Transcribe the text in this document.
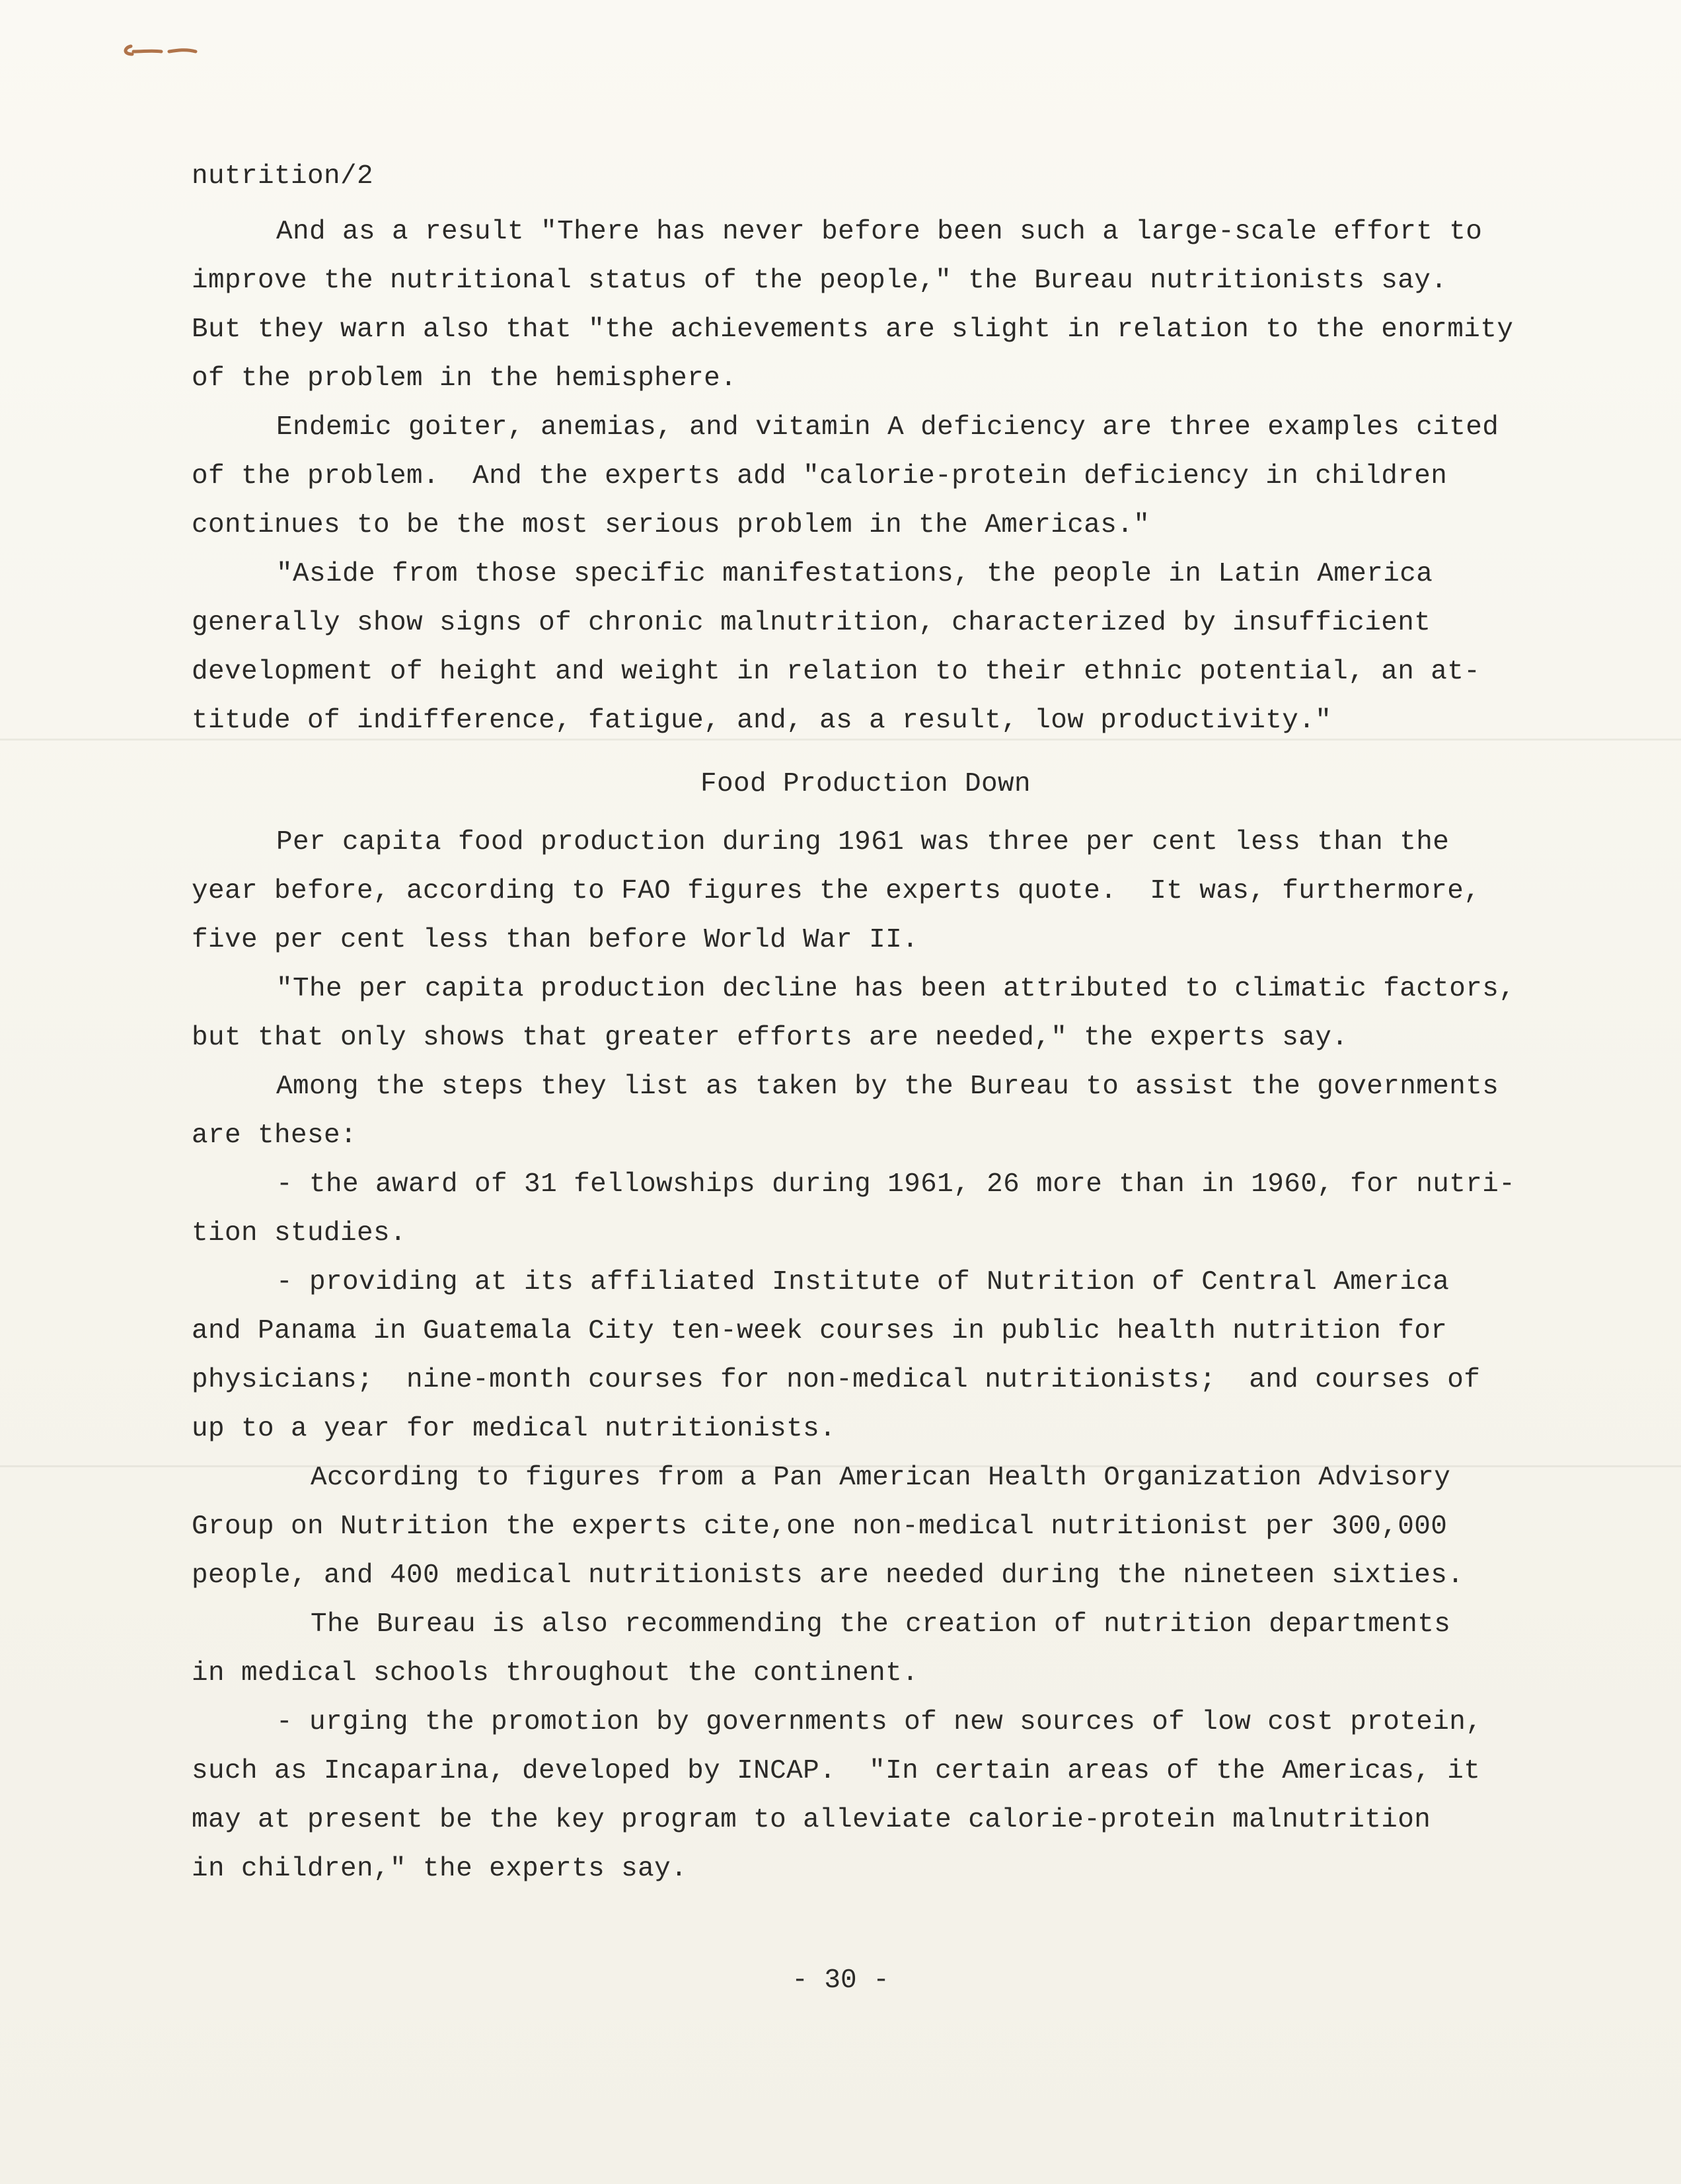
nutrition/2
And as a result "There has never before been such a large-scale effort to
improve the nutritional status of the people," the Bureau nutritionists say.
But they warn also that "the achievements are slight in relation to the enormity
of the problem in the hemisphere.
Endemic goiter, anemias, and vitamin A deficiency are three examples cited
of the problem.  And the experts add "calorie-protein deficiency in children
continues to be the most serious problem in the Americas."
"Aside from those specific manifestations, the people in Latin America
generally show signs of chronic malnutrition, characterized by insufficient
development of height and weight in relation to their ethnic potential, an at-
titude of indifference, fatigue, and, as a result, low productivity."
Food Production Down
Per capita food production during 1961 was three per cent less than the
year before, according to FAO figures the experts quote.  It was, furthermore,
five per cent less than before World War II.
"The per capita production decline has been attributed to climatic factors,
but that only shows that greater efforts are needed," the experts say.
Among the steps they list as taken by the Bureau to assist the governments
are these:
- the award of 31 fellowships during 1961, 26 more than in 1960, for nutri-
tion studies.
- providing at its affiliated Institute of Nutrition of Central America
and Panama in Guatemala City ten-week courses in public health nutrition for
physicians;  nine-month courses for non-medical nutritionists;  and courses of
up to a year for medical nutritionists.
According to figures from a Pan American Health Organization Advisory
Group on Nutrition the experts cite,one non-medical nutritionist per 300,000
people, and 400 medical nutritionists are needed during the nineteen sixties.
The Bureau is also recommending the creation of nutrition departments
in medical schools throughout the continent.
- urging the promotion by governments of new sources of low cost protein,
such as Incaparina, developed by INCAP.  "In certain areas of the Americas, it
may at present be the key program to alleviate calorie-protein malnutrition
in children," the experts say.
- 30 -
